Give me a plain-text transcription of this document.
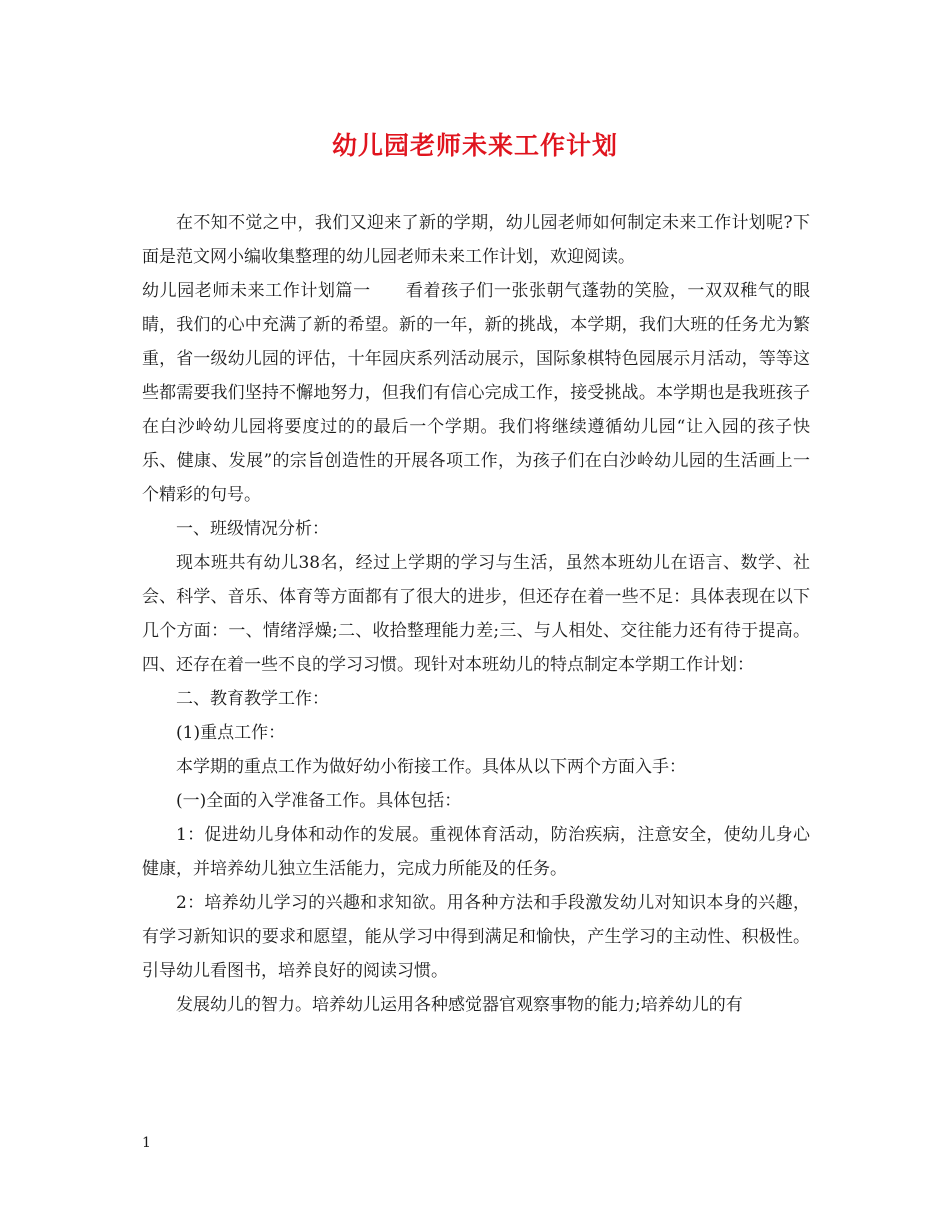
幼儿园老师未来工作计划

在不知不觉之中，我们又迎来了新的学期，幼儿园老师如何制定未来工作计划呢?下面是范文网小编收集整理的幼儿园老师未来工作计划，欢迎阅读。

幼儿园老师未来工作计划篇一　　看着孩子们一张张朝气蓬勃的笑脸，一双双稚气的眼睛，我们的心中充满了新的希望。新的一年，新的挑战，本学期，我们大班的任务尤为繁重，省一级幼儿园的评估，十年园庆系列活动展示，国际象棋特色园展示月活动，等等这些都需要我们坚持不懈地努力，但我们有信心完成工作，接受挑战。本学期也是我班孩子在白沙岭幼儿园将要度过的的最后一个学期。我们将继续遵循幼儿园“让入园的孩子快乐、健康、发展”的宗旨创造性的开展各项工作，为孩子们在白沙岭幼儿园的生活画上一个精彩的句号。

一、班级情况分析：

现本班共有幼儿38名，经过上学期的学习与生活，虽然本班幼儿在语言、数学、社会、科学、音乐、体育等方面都有了很大的进步，但还存在着一些不足：具体表现在以下几个方面：一、情绪浮燥;二、收拾整理能力差;三、与人相处、交往能力还有待于提高。四、还存在着一些不良的学习习惯。现针对本班幼儿的特点制定本学期工作计划：

二、教育教学工作：

(1)重点工作：

本学期的重点工作为做好幼小衔接工作。具体从以下两个方面入手：

(一)全面的入学准备工作。具体包括：

1：促进幼儿身体和动作的发展。重视体育活动，防治疾病，注意安全，使幼儿身心健康，并培养幼儿独立生活能力，完成力所能及的任务。

2：培养幼儿学习的兴趣和求知欲。用各种方法和手段激发幼儿对知识本身的兴趣，有学习新知识的要求和愿望，能从学习中得到满足和愉快，产生学习的主动性、积极性。引导幼儿看图书，培养良好的阅读习惯。

发展幼儿的智力。培养幼儿运用各种感觉器官观察事物的能力;培养幼儿的有

1
